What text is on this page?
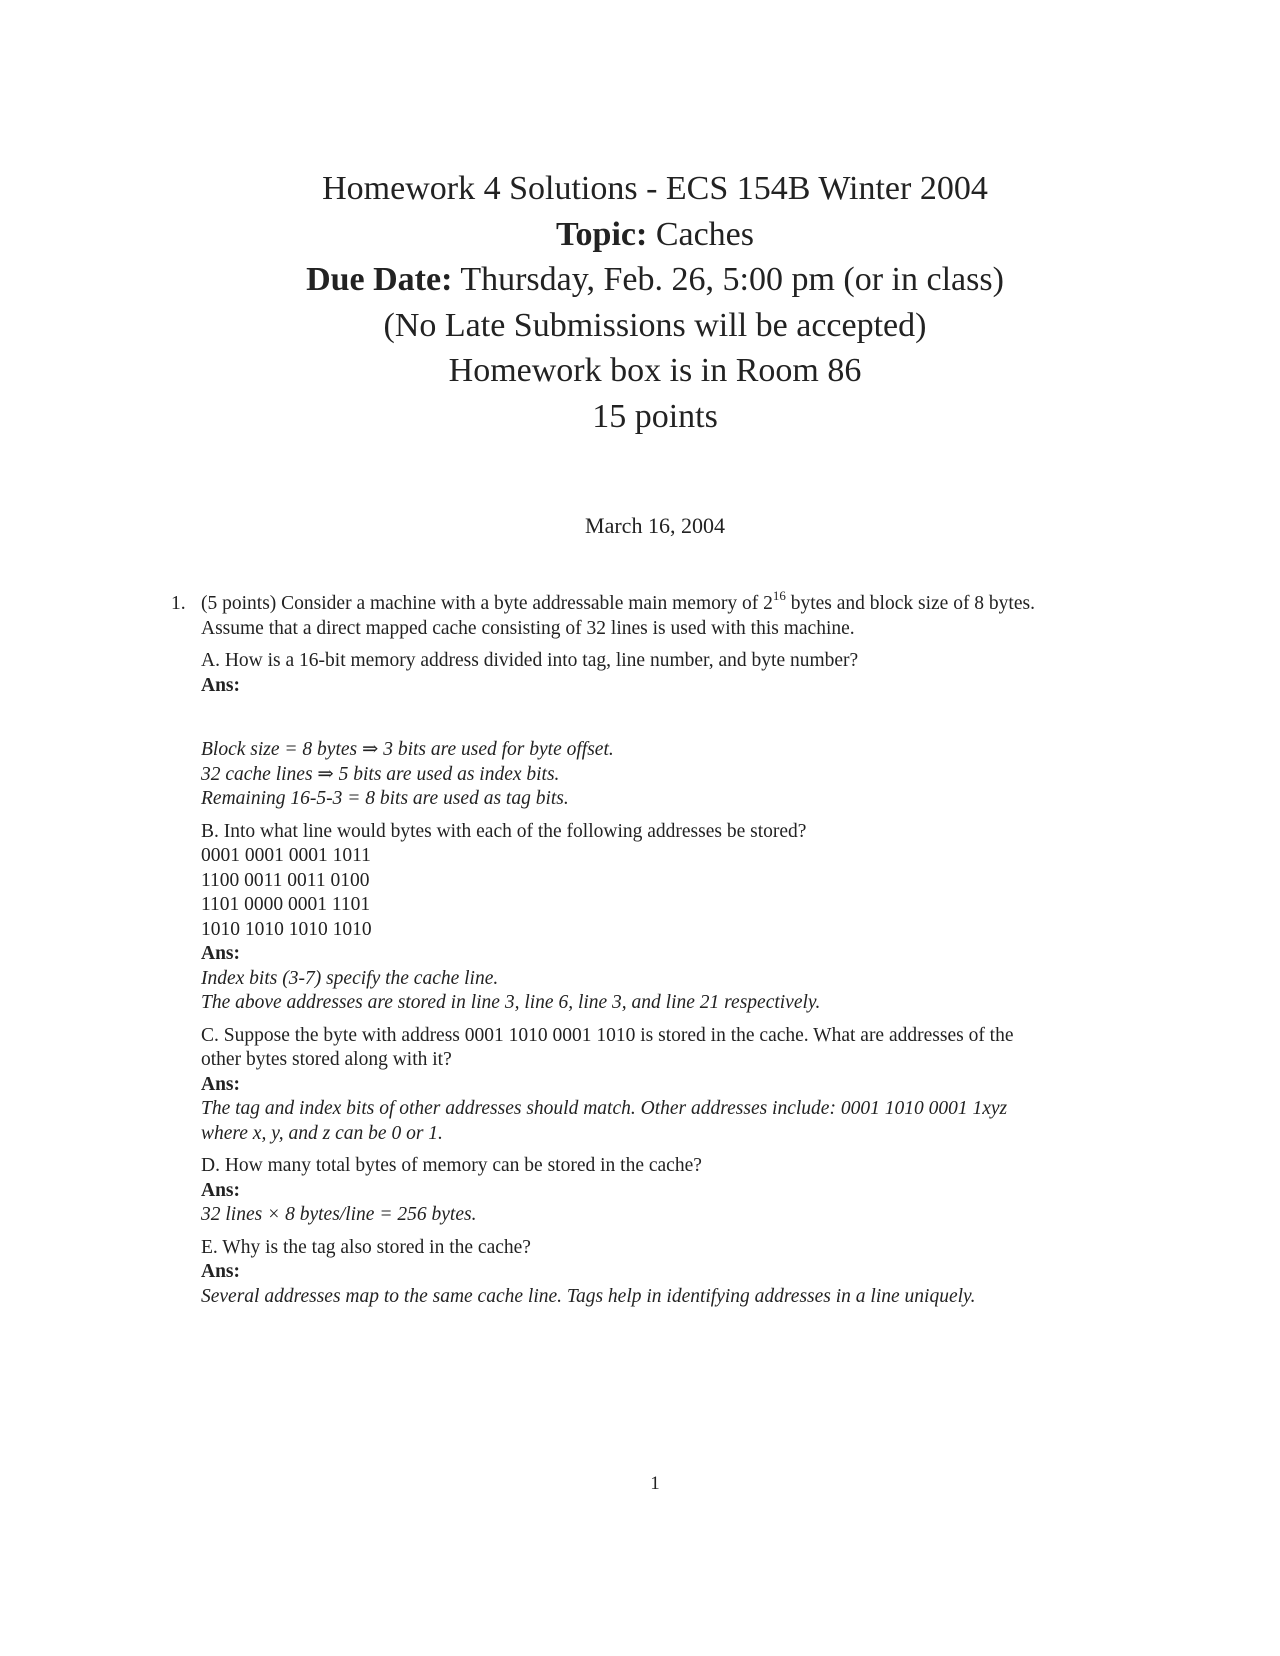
Homework 4 Solutions - ECS 154B Winter 2004
Topic: Caches
Due Date: Thursday, Feb. 26, 5:00 pm (or in class)
(No Late Submissions will be accepted)
Homework box is in Room 86
15 points
March 16, 2004
1. (5 points) Consider a machine with a byte addressable main memory of $2^{16}$ bytes and block size of 8 bytes.
Assume that a direct mapped cache consisting of 32 lines is used with this machine.

A. How is a 16-bit memory address divided into tag, line number, and byte number?
Ans:
Block size = 8 bytes ⇒ 3 bits are used for byte offset.
32 cache lines ⇒ 5 bits are used as index bits.
Remaining 16-5-3 = 8 bits are used as tag bits.
B. Into what line would bytes with each of the following addresses be stored?
0001 0001 0001 1011
1100 0011 0011 0100
1101 0000 0001 1101
1010 1010 1010 1010
Ans:
Index bits (3-7) specify the cache line.
The above addresses are stored in line 3, line 6, line 3, and line 21 respectively.
C. Suppose the byte with address 0001 1010 0001 1010 is stored in the cache. What are addresses of the
other bytes stored along with it?
Ans:
The tag and index bits of other addresses should match. Other addresses include: 0001 1010 0001 1xyz
where x, y, and z can be 0 or 1.
D. How many total bytes of memory can be stored in the cache?
Ans:
32 lines × 8 bytes/line = 256 bytes.
E. Why is the tag also stored in the cache?
Ans:
Several addresses map to the same cache line. Tags help in identifying addresses in a line uniquely.
1
